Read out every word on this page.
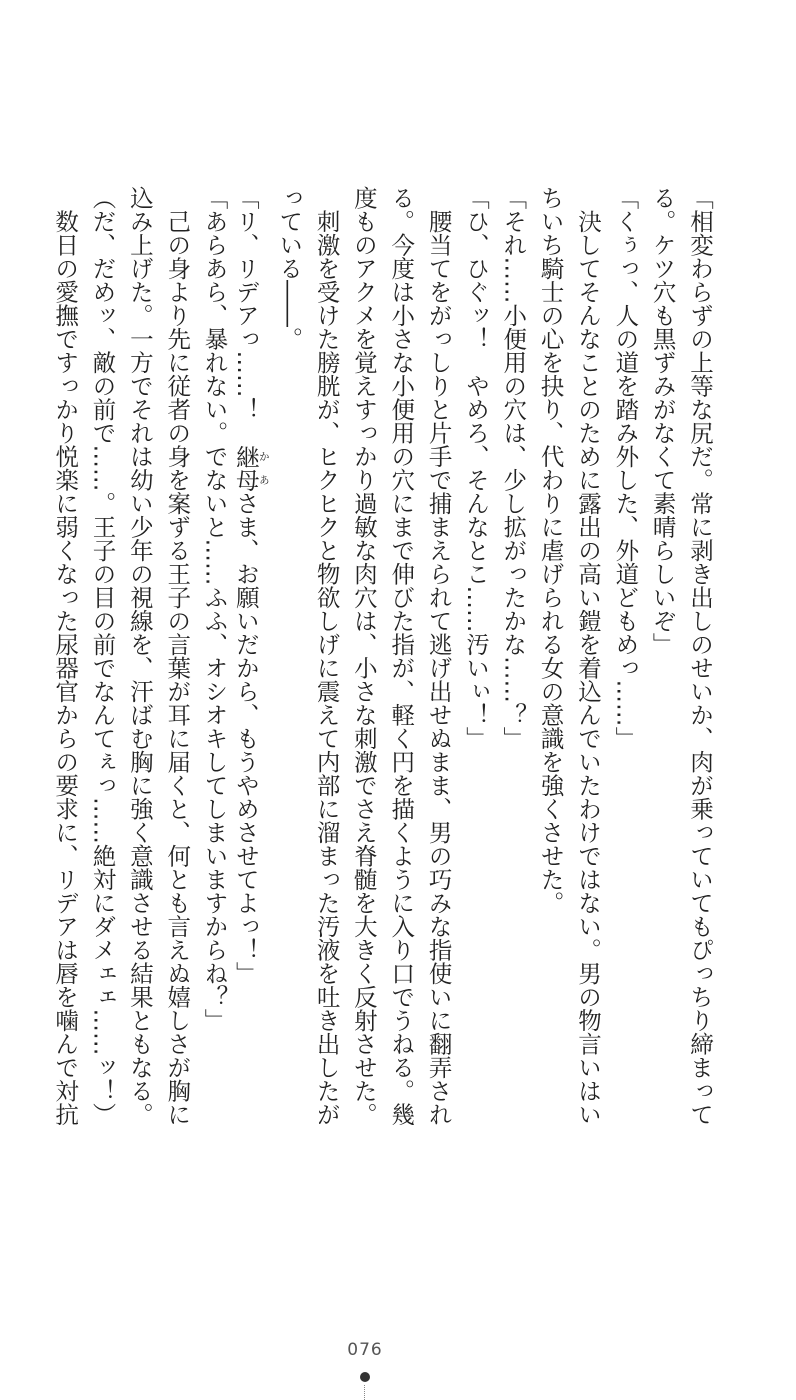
「相変わらずの上等な尻だ。常に剥き出しのせいか、肉が乗っていてもぴっちり締まって
る。ケツ穴も黒ずみがなくて素晴らしいぞ」
「くぅっ、人の道を踏み外した、外道どもめっ……」
　決してそんなことのために露出の高い鎧を着込んでいたわけではない。男の物言いはい
ちいち騎士の心を抉り、代わりに虐げられる女の意識を強くさせた。
「それ……小便用の穴は、少し拡がったかな……？」
「ひ、ひぐッ！　やめろ、そんなとこ……汚いぃ！」
　腰当てをがっしりと片手で捕まえられて逃げ出せぬまま、男の巧みな指使いに翻弄され
る。今度は小さな小便用の穴にまで伸びた指が、軽く円を描くように入り口でうねる。幾
度ものアクメを覚えすっかり過敏な肉穴は、小さな刺激でさえ脊髄を大きく反射させた。
　刺激を受けた膀胱が、ヒクヒクと物欲しげに震えて内部に溜まった汚液を吐き出したが
っている――。
「リ、リデアっ……！　継母かあさま、お願いだから、もうやめさせてよっ！」
「あらあら、暴れない。でないと……ふふ、オシオキしてしまいますからね？」
　己の身より先に従者の身を案ずる王子の言葉が耳に届くと、何とも言えぬ嬉しさが胸に
込み上げた。一方でそれは幼い少年の視線を、汗ばむ胸に強く意識させる結果ともなる。
（だ、だめッ、敵の前で……。王子の目の前でなんてぇっ……絶対にダメェェ……ッ！）
　数日の愛撫ですっかり悦楽に弱くなった尿器官からの要求に、リデアは唇を噛んで対抗
076
